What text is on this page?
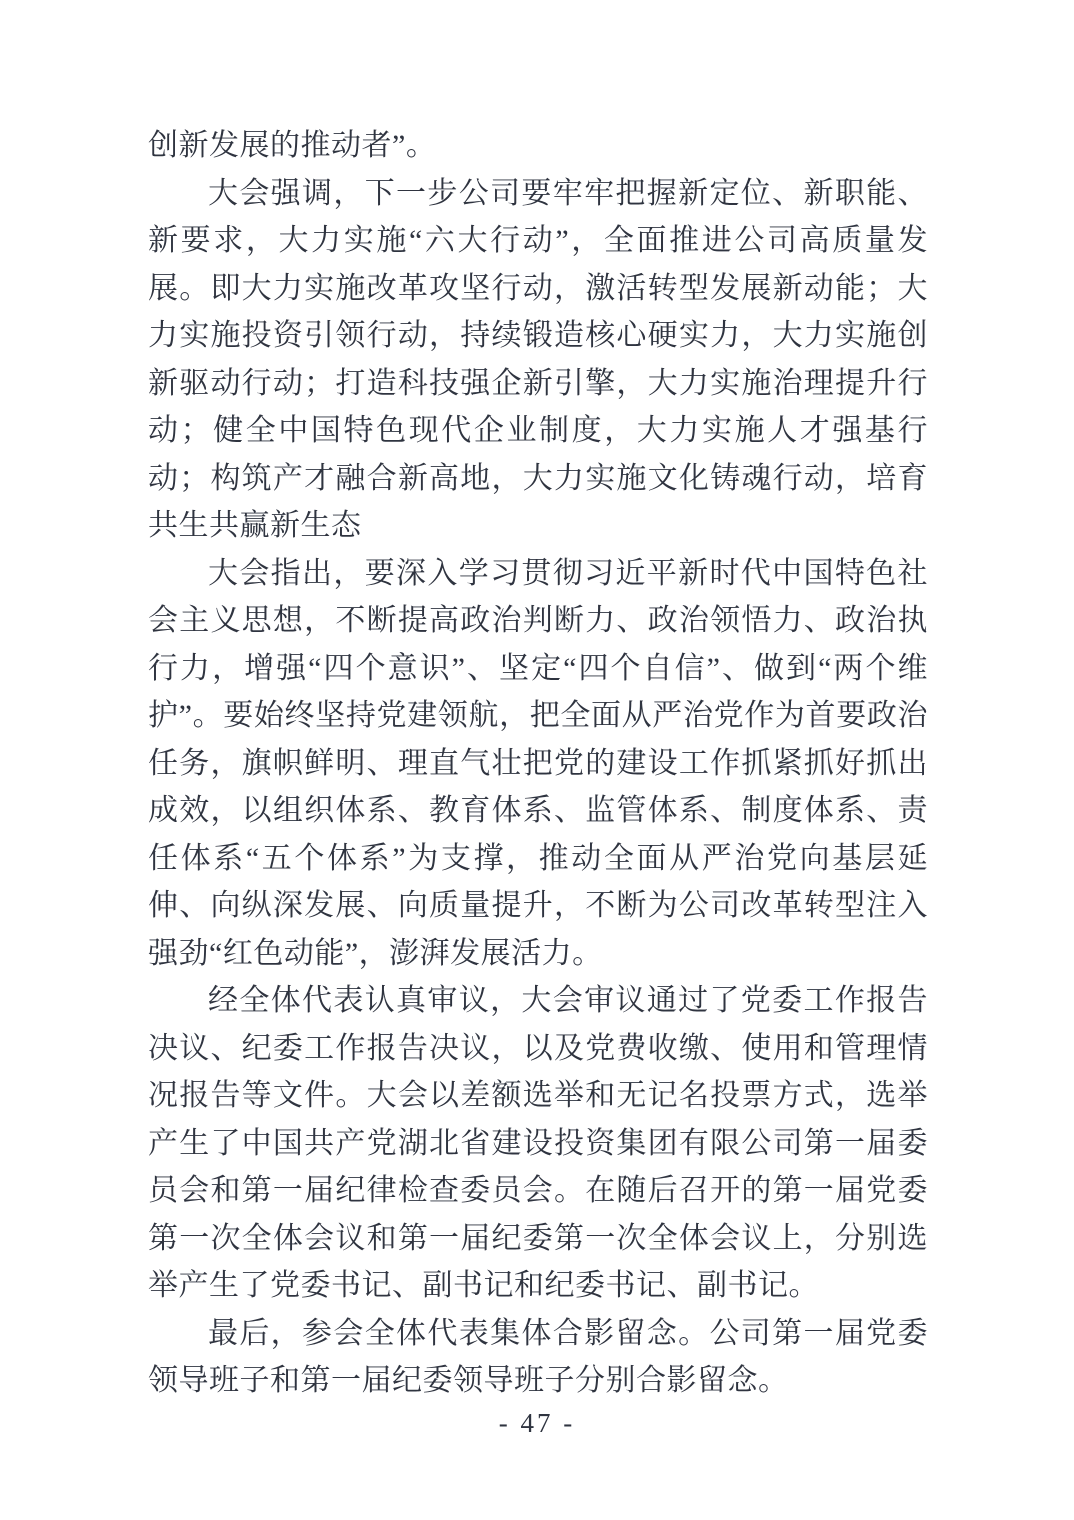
创新发展的推动者”。

大会强调，下一步公司要牢牢把握新定位、新职能、新要求，大力实施“六大行动”，全面推进公司高质量发展。即大力实施改革攻坚行动，激活转型发展新动能；大力实施投资引领行动，持续锻造核心硬实力，大力实施创新驱动行动；打造科技强企新引擎，大力实施治理提升行动；健全中国特色现代企业制度，大力实施人才强基行动；构筑产才融合新高地，大力实施文化铸魂行动，培育共生共赢新生态

大会指出，要深入学习贯彻习近平新时代中国特色社会主义思想，不断提高政治判断力、政治领悟力、政治执行力，增强“四个意识”、坚定“四个自信”、做到“两个维护”。要始终坚持党建领航，把全面从严治党作为首要政治任务，旗帜鲜明、理直气壮把党的建设工作抓紧抓好抓出成效，以组织体系、教育体系、监管体系、制度体系、责任体系“五个体系”为支撑，推动全面从严治党向基层延伸、向纵深发展、向质量提升，不断为公司改革转型注入强劲“红色动能”，澎湃发展活力。

经全体代表认真审议，大会审议通过了党委工作报告决议、纪委工作报告决议，以及党费收缴、使用和管理情况报告等文件。大会以差额选举和无记名投票方式，选举产生了中国共产党湖北省建设投资集团有限公司第一届委员会和第一届纪律检查委员会。在随后召开的第一届党委第一次全体会议和第一届纪委第一次全体会议上，分别选举产生了党委书记、副书记和纪委书记、副书记。

最后，参会全体代表集体合影留念。公司第一届党委领导班子和第一届纪委领导班子分别合影留念。

- 47 -
